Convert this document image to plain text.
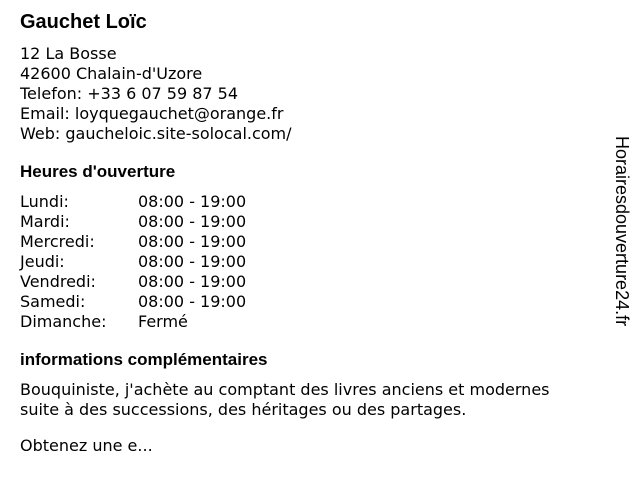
Gauchet Loïc
12 La Bosse
42600 Chalain-d'Uzore
Telefon: +33 6 07 59 87 54
Email: loyquegauchet@orange.fr
Web: gaucheloic.site-solocal.com/
Heures d'ouverture
Lundi:	08:00 - 19:00
Mardi:	08:00 - 19:00
Mercredi:	08:00 - 19:00
Jeudi:	08:00 - 19:00
Vendredi:	08:00 - 19:00
Samedi:	08:00 - 19:00
Dimanche:	Fermé
informations complémentaires

Bouquiniste, j'achète au comptant des livres anciens et modernes

suite à des successions, des héritages ou des partages.

Obtenez une e...

Horairesdouverture24.fr
